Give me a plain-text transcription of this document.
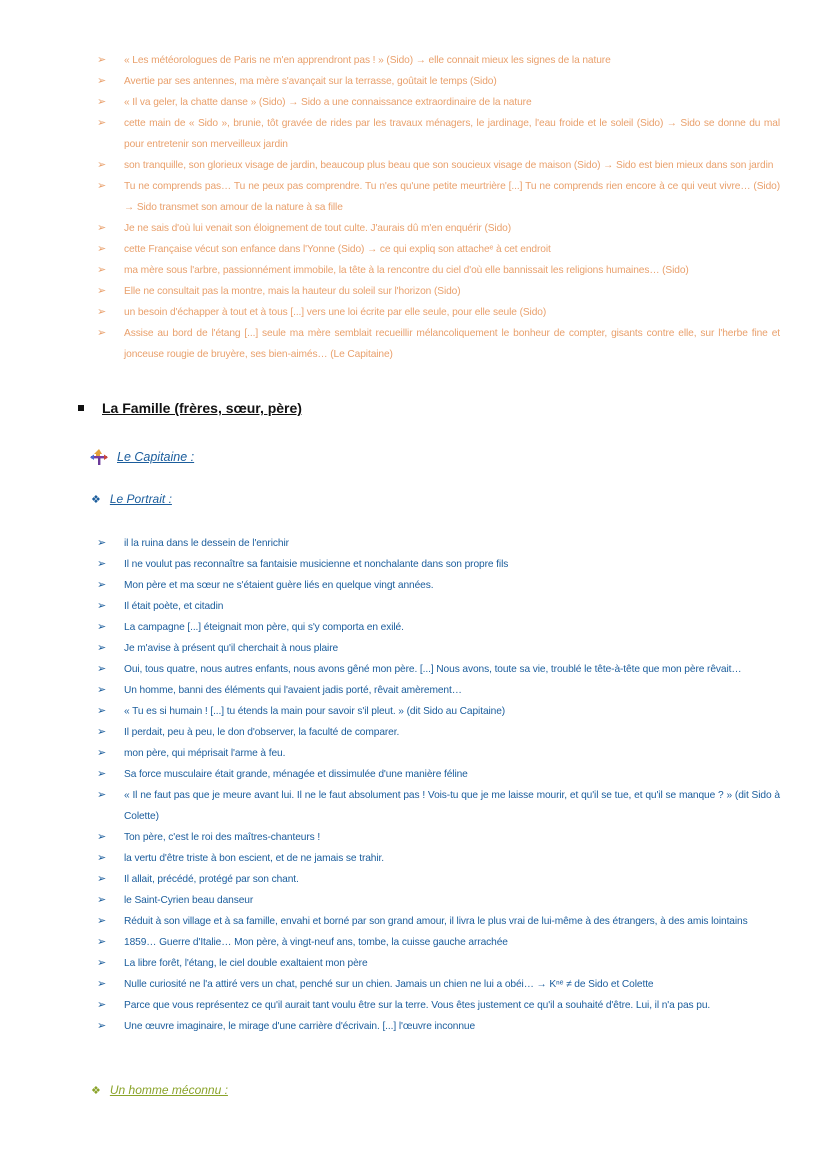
➢ « Les météorologues de Paris ne m'en apprendront pas ! » (Sido) → elle connait mieux les signes de la nature
➢ Avertie par ses antennes, ma mère s'avançait sur la terrasse, goûtait le temps (Sido)
➢ « Il va geler, la chatte danse » (Sido) → Sido a une connaissance extraordinaire de la nature
➢ cette main de « Sido », brunie, tôt gravée de rides par les travaux ménagers, le jardinage, l'eau froide et le soleil (Sido) → Sido se donne du mal pour entretenir son merveilleux jardin
➢ son tranquille, son glorieux visage de jardin, beaucoup plus beau que son soucieux visage de maison (Sido) → Sido est bien mieux dans son jardin
➢ Tu ne comprends pas… Tu ne peux pas comprendre. Tu n'es qu'une petite meurtrière [...] Tu ne comprends rien encore à ce qui veut vivre… (Sido) → Sido transmet son amour de la nature à sa fille
➢ Je ne sais d'où lui venait son éloignement de tout culte. J'aurais dû m'en enquérir (Sido)
➢ cette Française vécut son enfance dans l'Yonne (Sido) → ce qui expliq son attacheᵉ à cet endroit
➢ ma mère sous l'arbre, passionnément immobile, la tête à la rencontre du ciel d'où elle bannissait les religions humaines… (Sido)
➢ Elle ne consultait pas la montre, mais la hauteur du soleil sur l'horizon (Sido)
➢ un besoin d'échapper à tout et à tous [...] vers une loi écrite par elle seule, pour elle seule (Sido)
➢ Assise au bord de l'étang [...] seule ma mère semblait recueillir mélancoliquement le bonheur de compter, gisants contre elle, sur l'herbe fine et jonceuse rougie de bruyère, ses bien-aimés… (Le Capitaine)
La Famille (frères, sœur, père)
Le Capitaine :
❖ Le Portrait :
➢ il la ruina dans le dessein de l'enrichir
➢ Il ne voulut pas reconnaître sa fantaisie musicienne et nonchalante dans son propre fils
➢ Mon père et ma sœur ne s'étaient guère liés en quelque vingt années.
➢ Il était poète, et citadin
➢ La campagne [...] éteignait mon père, qui s'y comporta en exilé.
➢ Je m'avise à présent qu'il cherchait à nous plaire
➢ Oui, tous quatre, nous autres enfants, nous avons gêné mon père. [...] Nous avons, toute sa vie, troublé le tête-à-tête que mon père rêvait…
➢ Un homme, banni des éléments qui l'avaient jadis porté, rêvait amèrement…
➢ « Tu es si humain ! [...] tu étends la main pour savoir s'il pleut. » (dit Sido au Capitaine)
➢ Il perdait, peu à peu, le don d'observer, la faculté de comparer.
➢ mon père, qui méprisait l'arme à feu.
➢ Sa force musculaire était grande, ménagée et dissimulée d'une manière féline
➢ « Il ne faut pas que je meure avant lui. Il ne le faut absolument pas ! Vois-tu que je me laisse mourir, et qu'il se tue, et qu'il se manque ? » (dit Sido à Colette)
➢ Ton père, c'est le roi des maîtres-chanteurs !
➢ la vertu d'être triste à bon escient, et de ne jamais se trahir.
➢ Il allait, précédé, protégé par son chant.
➢ le Saint-Cyrien beau danseur
➢ Réduit à son village et à sa famille, envahi et borné par son grand amour, il livra le plus vrai de lui-même à des étrangers, à des amis lointains
➢ 1859… Guerre d'Italie… Mon père, à vingt-neuf ans, tombe, la cuisse gauche arrachée
➢ La libre forêt, l'étang, le ciel double exaltaient mon père
➢ Nulle curiosité ne l'a attiré vers un chat, penché sur un chien. Jamais un chien ne lui a obéi… → Kⁿᵉ ≠ de Sido et Colette
➢ Parce que vous représentez ce qu'il aurait tant voulu être sur la terre. Vous êtes justement ce qu'il a souhaité d'être. Lui, il n'a pas pu.
➢ Une œuvre imaginaire, le mirage d'une carrière d'écrivain. [...] l'œuvre inconnue
❖ Un homme méconnu :
